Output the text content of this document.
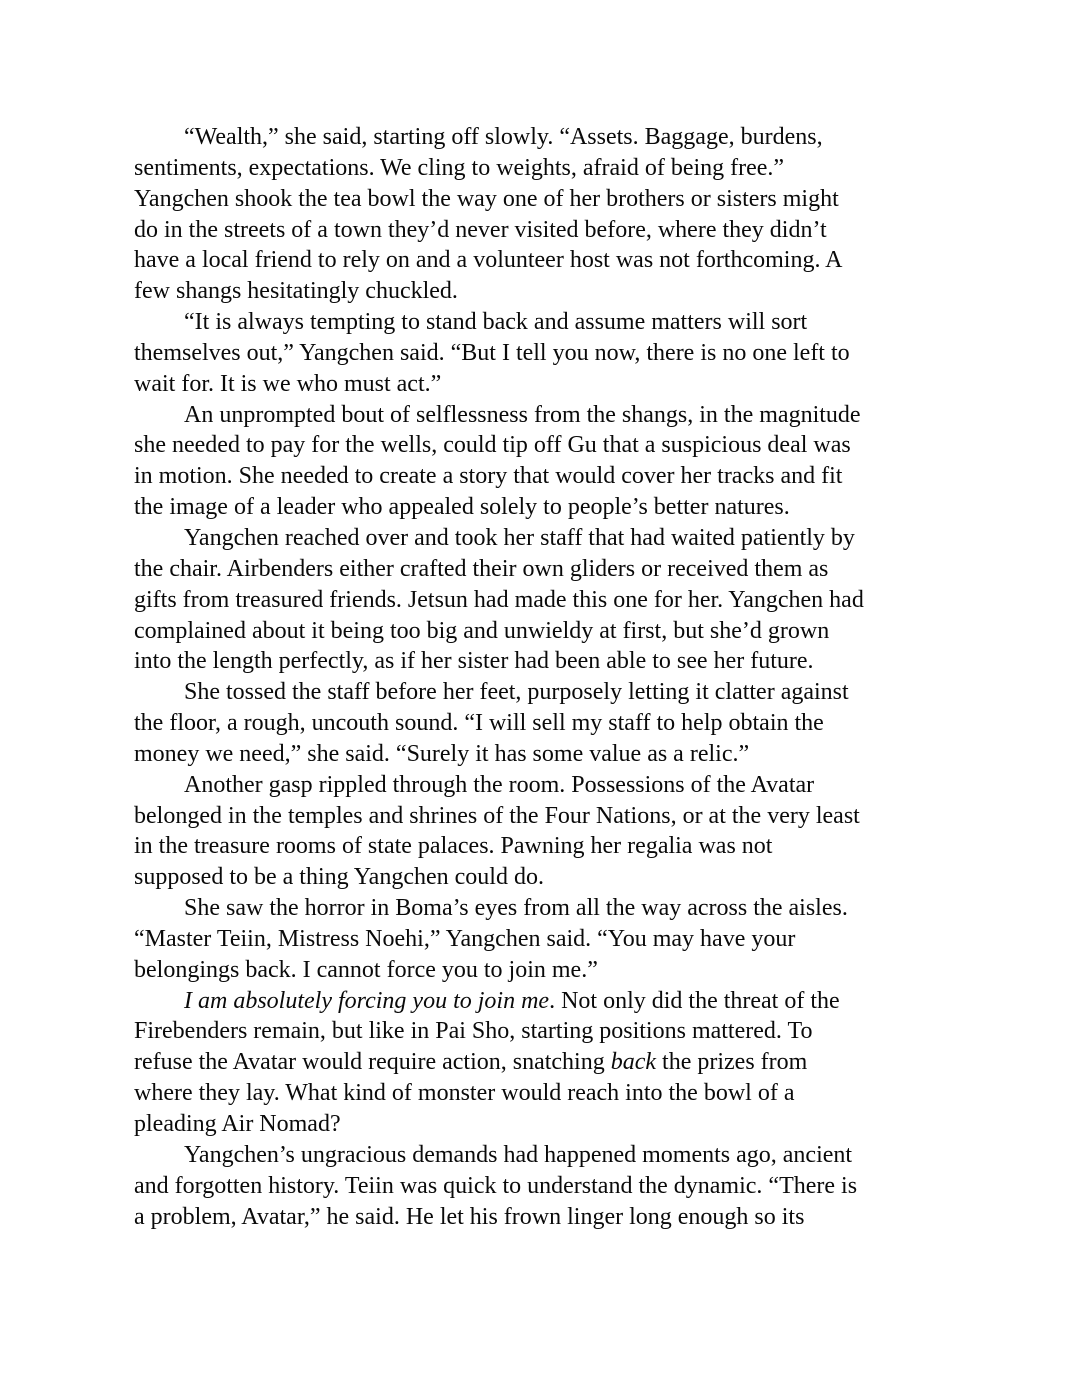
“Wealth,” she said, starting off slowly. “Assets. Baggage, burdens,
sentiments, expectations. We cling to weights, afraid of being free.”
Yangchen shook the tea bowl the way one of her brothers or sisters might
do in the streets of a town they’d never visited before, where they didn’t
have a local friend to rely on and a volunteer host was not forthcoming. A
few shangs hesitatingly chuckled.
“It is always tempting to stand back and assume matters will sort
themselves out,” Yangchen said. “But I tell you now, there is no one left to
wait for. It is we who must act.”
An unprompted bout of selflessness from the shangs, in the magnitude
she needed to pay for the wells, could tip off Gu that a suspicious deal was
in motion. She needed to create a story that would cover her tracks and fit
the image of a leader who appealed solely to people’s better natures.
Yangchen reached over and took her staff that had waited patiently by
the chair. Airbenders either crafted their own gliders or received them as
gifts from treasured friends. Jetsun had made this one for her. Yangchen had
complained about it being too big and unwieldy at first, but she’d grown
into the length perfectly, as if her sister had been able to see her future.
She tossed the staff before her feet, purposely letting it clatter against
the floor, a rough, uncouth sound. “I will sell my staff to help obtain the
money we need,” she said. “Surely it has some value as a relic.”
Another gasp rippled through the room. Possessions of the Avatar
belonged in the temples and shrines of the Four Nations, or at the very least
in the treasure rooms of state palaces. Pawning her regalia was not
supposed to be a thing Yangchen could do.
She saw the horror in Boma’s eyes from all the way across the aisles.
“Master Teiin, Mistress Noehi,” Yangchen said. “You may have your
belongings back. I cannot force you to join me.”
I am absolutely forcing you to join me. Not only did the threat of the
Firebenders remain, but like in Pai Sho, starting positions mattered. To
refuse the Avatar would require action, snatching back the prizes from
where they lay. What kind of monster would reach into the bowl of a
pleading Air Nomad?
Yangchen’s ungracious demands had happened moments ago, ancient
and forgotten history. Teiin was quick to understand the dynamic. “There is
a problem, Avatar,” he said. He let his frown linger long enough so its
